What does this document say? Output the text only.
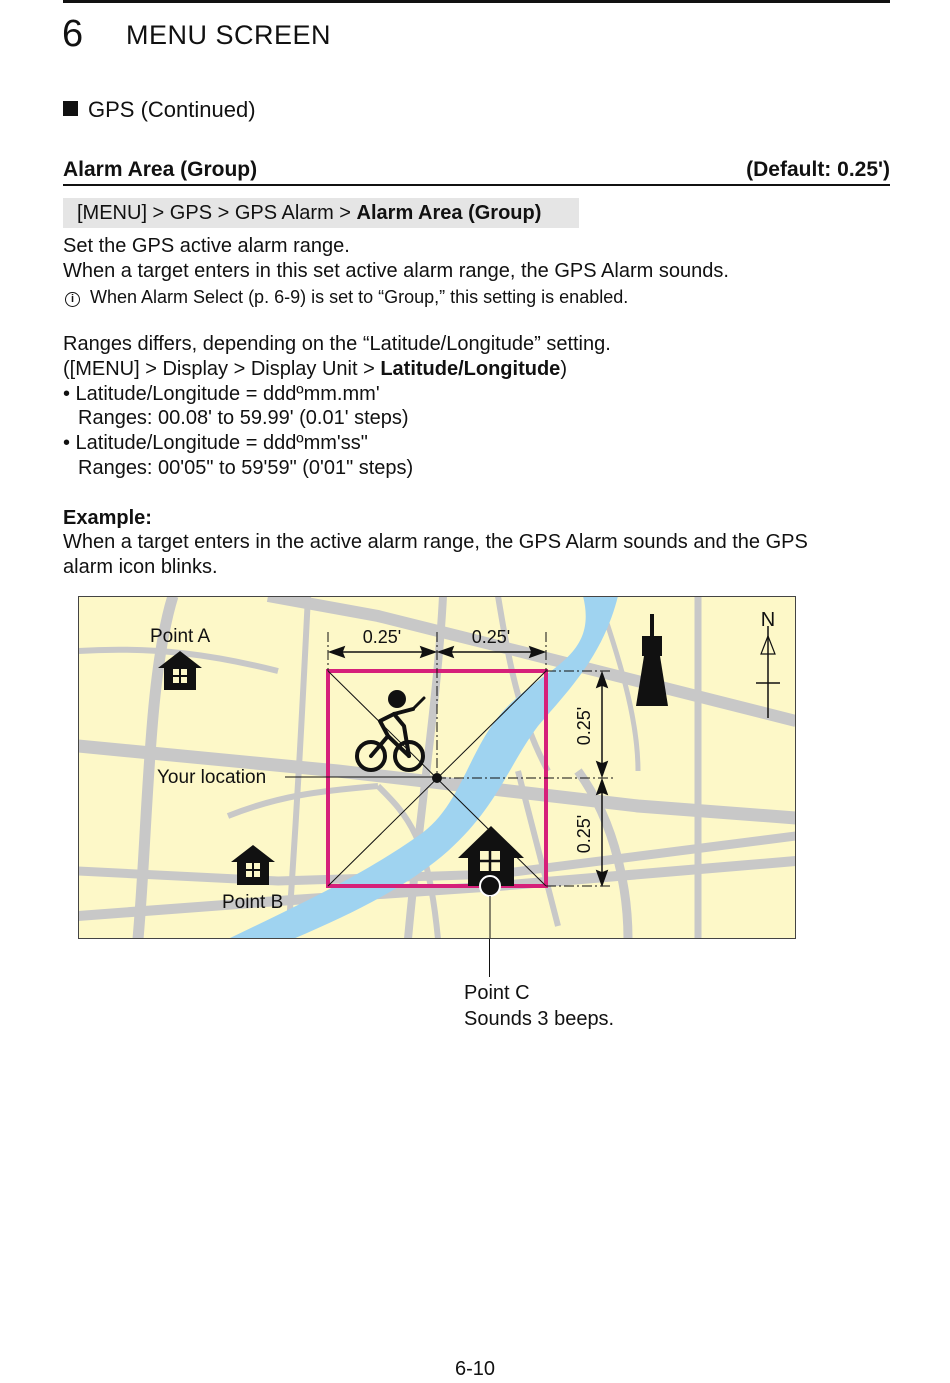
6 MENU SCREEN
GPS (Continued)
Alarm Area (Group)	(Default: 0.25')
[MENU] > GPS > GPS Alarm > Alarm Area (Group)
Set the GPS active alarm range.
When a target enters in this set active alarm range, the GPS Alarm sounds.
i When Alarm Select (p. 6-9) is set to “Group,” this setting is enabled.
Ranges differs, depending on the “Latitude/Longitude” setting.
([MENU] > Display > Display Unit > Latitude/Longitude)
• Latitude/Longitude = dddºmm.mm'
Ranges: 00.08' to 59.99' (0.01' steps)
• Latitude/Longitude = dddºmm'ss"
Ranges: 00'05" to 59'59" (0'01" steps)
Example:
When a target enters in the active alarm range, the GPS Alarm sounds and the GPS
alarm icon blinks.
N
Point A
Point B
0.25'	0.25'
0.25'
0.25'
Your location
Point C
Sounds 3 beeps.
6-10
